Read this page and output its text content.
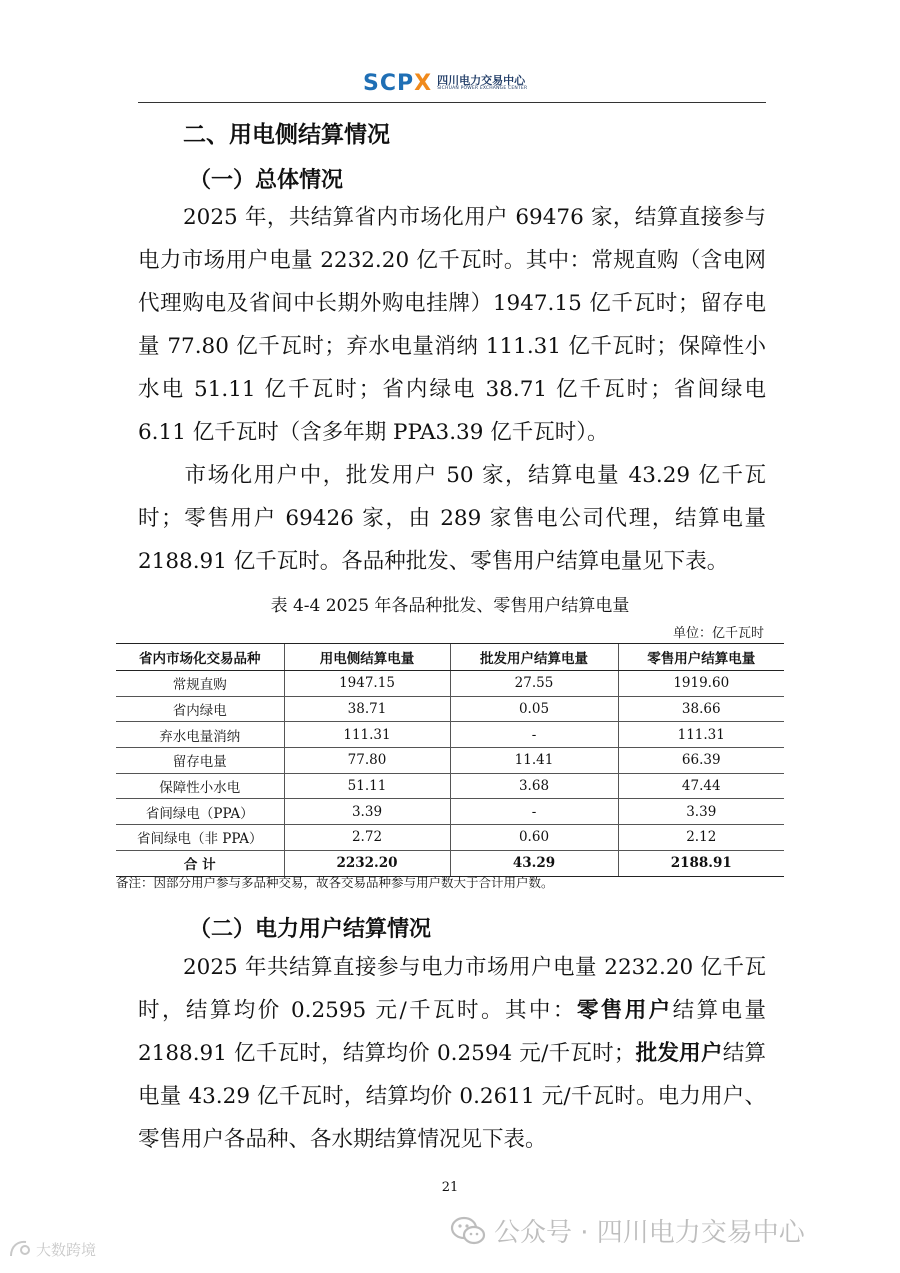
SCPX 四川电力交易中心
SICHUAN POWER EXCHANGE CENTER
二、用电侧结算情况
（一）总体情况

2025 年，共结算省内市场化用户 69476 家，结算直接参与电力市场用户电量 2232.20 亿千瓦时。其中：常规直购（含电网代理购电及省间中长期外购电挂牌）1947.15 亿千瓦时；留存电量 77.80 亿千瓦时；弃水电量消纳 111.31 亿千瓦时；保障性小水电 51.11 亿千瓦时；省内绿电 38.71 亿千瓦时；省间绿电 6.11 亿千瓦时（含多年期 PPA3.39 亿千瓦时）。

市场化用户中，批发用户 50 家，结算电量 43.29 亿千瓦时；零售用户 69426 家，由 289 家售电公司代理，结算电量 2188.91 亿千瓦时。各品种批发、零售用户结算电量见下表。

表 4-4 2025 年各品种批发、零售用户结算电量
单位：亿千瓦时
省内市场化交易品种	用电侧结算电量	批发用户结算电量	零售用户结算电量
常规直购	1947.15	27.55	1919.60
省内绿电	38.71	0.05	38.66
弃水电量消纳	111.31	-	111.31
留存电量	77.80	11.41	66.39
保障性小水电	51.11	3.68	47.44
省间绿电（PPA）	3.39	-	3.39
省间绿电（非 PPA）	2.72	0.60	2.12
合 计	2232.20	43.29	2188.91
备注：因部分用户参与多品种交易，故各交易品种参与用户数大于合计用户数。
（二）电力用户结算情况

2025 年共结算直接参与电力市场用户电量 2232.20 亿千瓦时，结算均价 0.2595 元/千瓦时。其中：零售用户结算电量 2188.91 亿千瓦时，结算均价 0.2594 元/千瓦时；批发用户结算电量 43.29 亿千瓦时，结算均价 0.2611 元/千瓦时。电力用户、零售用户各品种、各水期结算情况见下表。

21
公众号 · 四川电力交易中心
大数跨境
